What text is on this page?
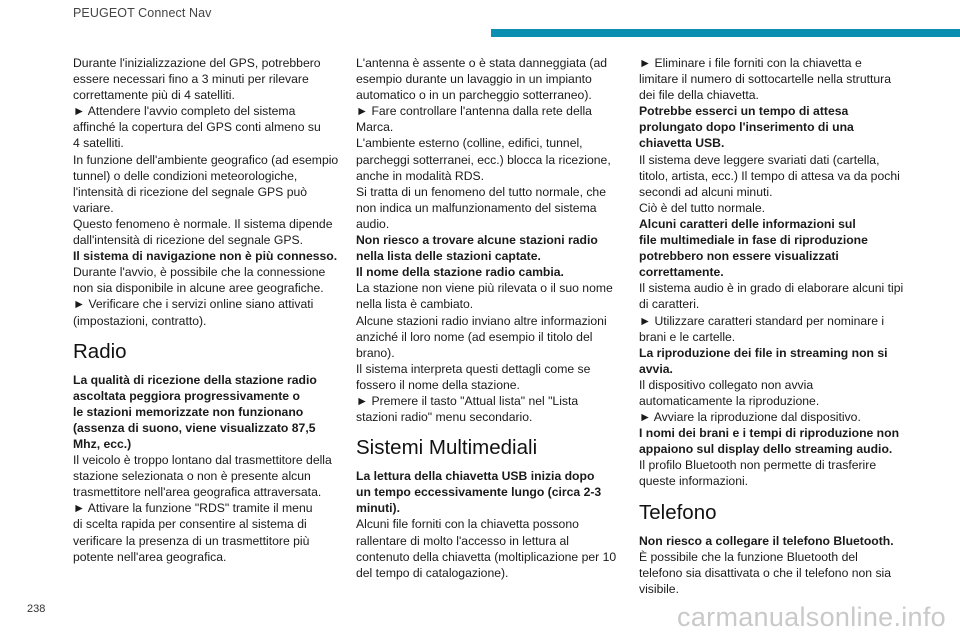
PEUGEOT Connect Nav

Durante l'inizializzazione del GPS, potrebbero
essere necessari fino a 3 minuti per rilevare
correttamente più di 4 satelliti.

► Attendere l'avvio completo del sistema
affinché la copertura del GPS conti almeno su
4 satelliti.

In funzione dell'ambiente geografico (ad esempio
tunnel) o delle condizioni meteorologiche,
l'intensità di ricezione del segnale GPS può
variare.

Questo fenomeno è normale. Il sistema dipende
dall'intensità di ricezione del segnale GPS.

Il sistema di navigazione non è più connesso.

Durante l'avvio, è possibile che la connessione
non sia disponibile in alcune aree geografiche.

► Verificare che i servizi online siano attivati
(impostazioni, contratto).

Radio

La qualità di ricezione della stazione radio
ascoltata peggiora progressivamente o
le stazioni memorizzate non funzionano
(assenza di suono, viene visualizzato 87,5
Mhz, ecc.)

Il veicolo è troppo lontano dal trasmettitore della
stazione selezionata o non è presente alcun
trasmettitore nell'area geografica attraversata.

► Attivare la funzione "RDS" tramite il menu
di scelta rapida per consentire al sistema di
verificare la presenza di un trasmettitore più
potente nell'area geografica.

L'antenna è assente o è stata danneggiata (ad
esempio durante un lavaggio in un impianto
automatico o in un parcheggio sotterraneo).

► Fare controllare l'antenna dalla rete della
Marca.

L'ambiente esterno (colline, edifici, tunnel,
parcheggi sotterranei, ecc.) blocca la ricezione,
anche in modalità RDS.

Si tratta di un fenomeno del tutto normale, che
non indica un malfunzionamento del sistema
audio.

Non riesco a trovare alcune stazioni radio
nella lista delle stazioni captate.

Il nome della stazione radio cambia.

La stazione non viene più rilevata o il suo nome
nella lista è cambiato.

Alcune stazioni radio inviano altre informazioni
anziché il loro nome (ad esempio il titolo del
brano).

Il sistema interpreta questi dettagli come se
fossero il nome della stazione.

► Premere il tasto "Attual lista" nel "Lista
stazioni radio" menu secondario.

Sistemi Multimediali

La lettura della chiavetta USB inizia dopo
un tempo eccessivamente lungo (circa 2-3
minuti).

Alcuni file forniti con la chiavetta possono
rallentare di molto l'accesso in lettura al
contenuto della chiavetta (moltiplicazione per 10
del tempo di catalogazione).

► Eliminare i file forniti con la chiavetta e
limitare il numero di sottocartelle nella struttura
dei file della chiavetta.

Potrebbe esserci un tempo di attesa
prolungato dopo l'inserimento di una
chiavetta USB.

Il sistema deve leggere svariati dati (cartella,
titolo, artista, ecc.) Il tempo di attesa va da pochi
secondi ad alcuni minuti.

Ciò è del tutto normale.

Alcuni caratteri delle informazioni sul
file multimediale in fase di riproduzione
potrebbero non essere visualizzati
correttamente.

Il sistema audio è in grado di elaborare alcuni tipi
di caratteri.

► Utilizzare caratteri standard per nominare i
brani e le cartelle.

La riproduzione dei file in streaming non si
avvia.

Il dispositivo collegato non avvia
automaticamente la riproduzione.

► Avviare la riproduzione dal dispositivo.

I nomi dei brani e i tempi di riproduzione non
appaiono sul display dello streaming audio.

Il profilo Bluetooth non permette di trasferire
queste informazioni.

Telefono

Non riesco a collegare il telefono Bluetooth.

È possibile che la funzione Bluetooth del
telefono sia disattivata o che il telefono non sia
visibile.

238	carmanualsonline.info
